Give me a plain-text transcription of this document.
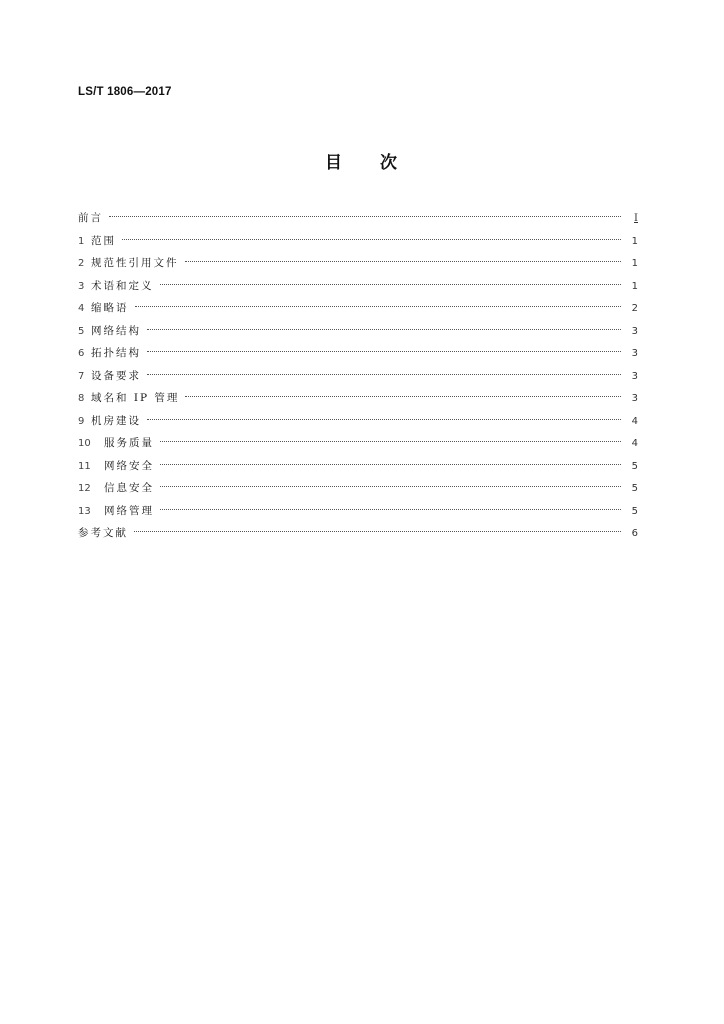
LS/T 1806—2017
目次
前言	Ⅰ
1 范围	1
2 规范性引用文件	1
3 术语和定义	1
4 缩略语	2
5 网络结构	3
6 拓扑结构	3
7 设备要求	3
8 域名和 IP 管理	3
9 机房建设	4
10	服务质量	4
11	网络安全	5
12	信息安全	5
13	网络管理	5
参考文献	6
